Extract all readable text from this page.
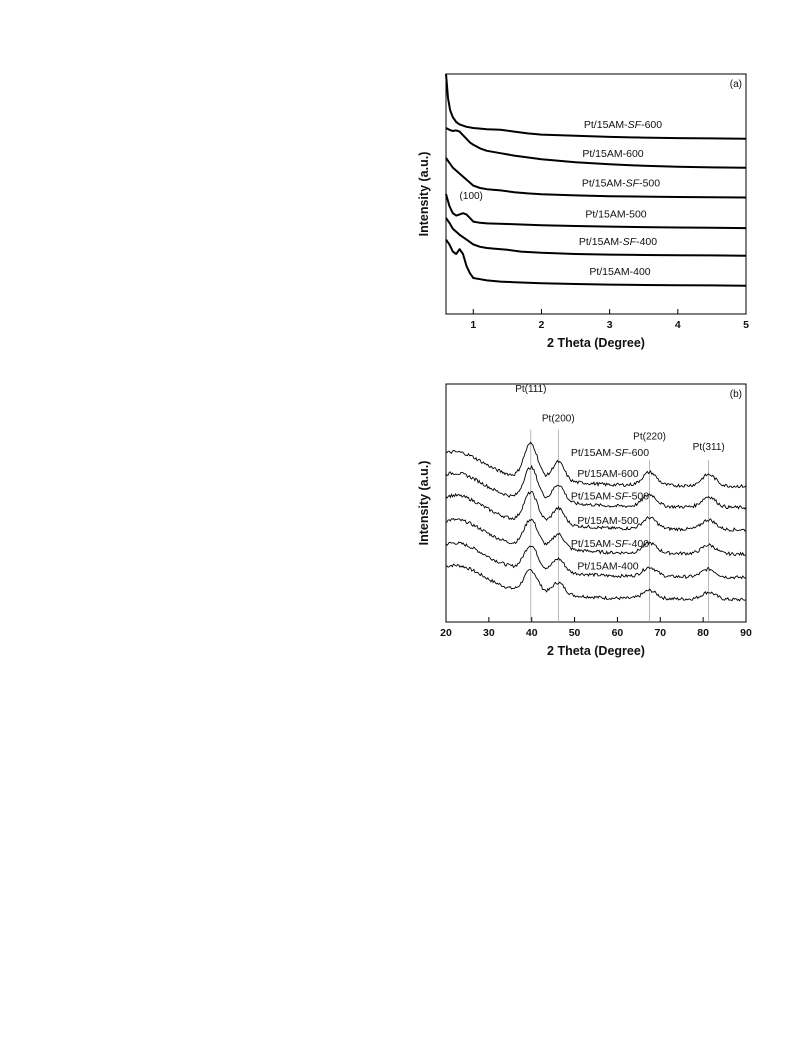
1	2	3	4	5
2 Theta (Degree)
Intensity (a.u.)
(a)
Pt/15AM-400
Pt/15AM-SF-400
Pt/15AM-500
Pt/15AM-SF-500
Pt/15AM-600
Pt/15AM-SF-600
(100)
20	30	40	50	60	70	80	90
2 Theta (Degree)
Intensity (a.u.)
(b)
Pt(111)
Pt(200)
Pt(220)
Pt(311)
Pt/15AM-400
Pt/15AM-SF-400
Pt/15AM-500
Pt/15AM-SF-500
Pt/15AM-600
Pt/15AM-SF-600
